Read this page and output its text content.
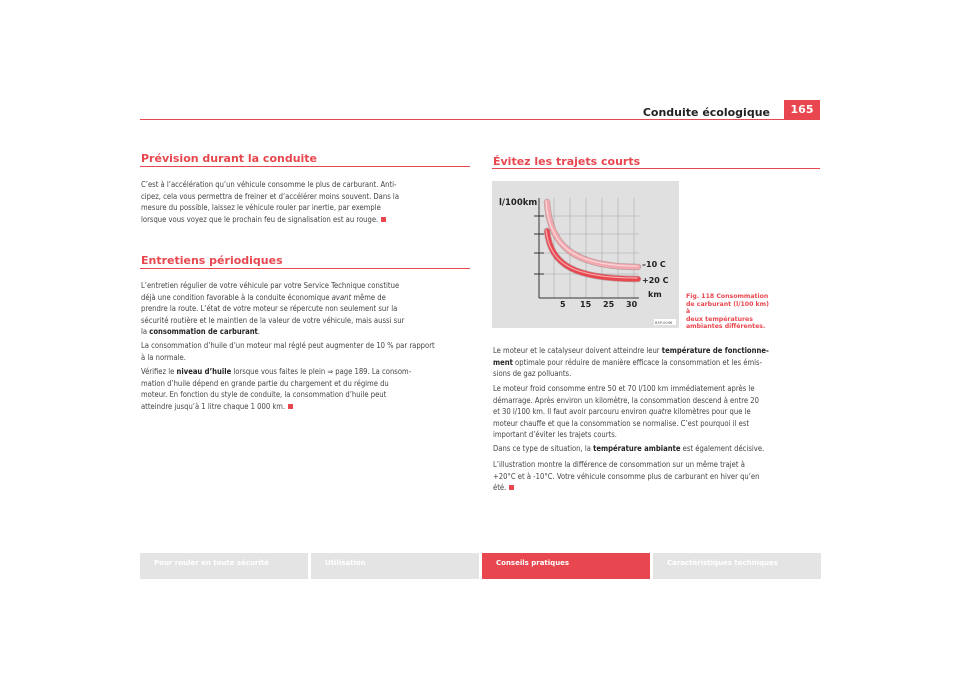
Conduite écologique	165
Prévision durant la conduite
C’est à l’accélération qu’un véhicule consomme le plus de carburant. Anti-
cipez, cela vous permettra de freiner et d’accélérer moins souvent. Dans la
mesure du possible, laissez le véhicule rouler par inertie, par exemple
lorsque vous voyez que le prochain feu de signalisation est au rouge.
Entretiens périodiques
L’entretien régulier de votre véhicule par votre Service Technique constitue
déjà une condition favorable à la conduite économique avant même de
prendre la route. L’état de votre moteur se répercute non seulement sur la
sécurité routière et le maintien de la valeur de votre véhicule, mais aussi sur
la consommation de carburant.
La consommation d’huile d’un moteur mal réglé peut augmenter de 10 % par rapport
à la normale.
Vérifiez le niveau d’huile lorsque vous faites le plein ⇒ page 189. La consom-
mation d’huile dépend en grande partie du chargement et du régime du
moteur. En fonction du style de conduite, la consommation d’huile peut
atteindre jusqu’à 1 litre chaque 1 000 km.
Évitez les trajets courts
l/100km
–10 C
+20 C
km
5 15 25 30
B5P-0096
Fig. 118 Consommation
de carburant (l/100 km) à
deux températures
ambiantes différentes.
Le moteur et le catalyseur doivent atteindre leur température de fonctionne-
ment optimale pour réduire de manière efficace la consommation et les émis-
sions de gaz polluants.
Le moteur froid consomme entre 50 et 70 l/100 km immédiatement après le
démarrage. Après environ un kilomètre, la consommation descend à entre 20
et 30 l/100 km. Il faut avoir parcouru environ quatre kilomètres pour que le
moteur chauffe et que la consommation se normalise. C’est pourquoi il est
important d’éviter les trajets courts.
Dans ce type de situation, la température ambiante est également décisive.
L’illustration montre la différence de consommation sur un même trajet à
+20°C et à -10°C. Votre véhicule consomme plus de carburant en hiver qu’en
été.
Pour rouler en toute sécurité	Utilisation	Conseils pratiques	Caractéristiques techniques
